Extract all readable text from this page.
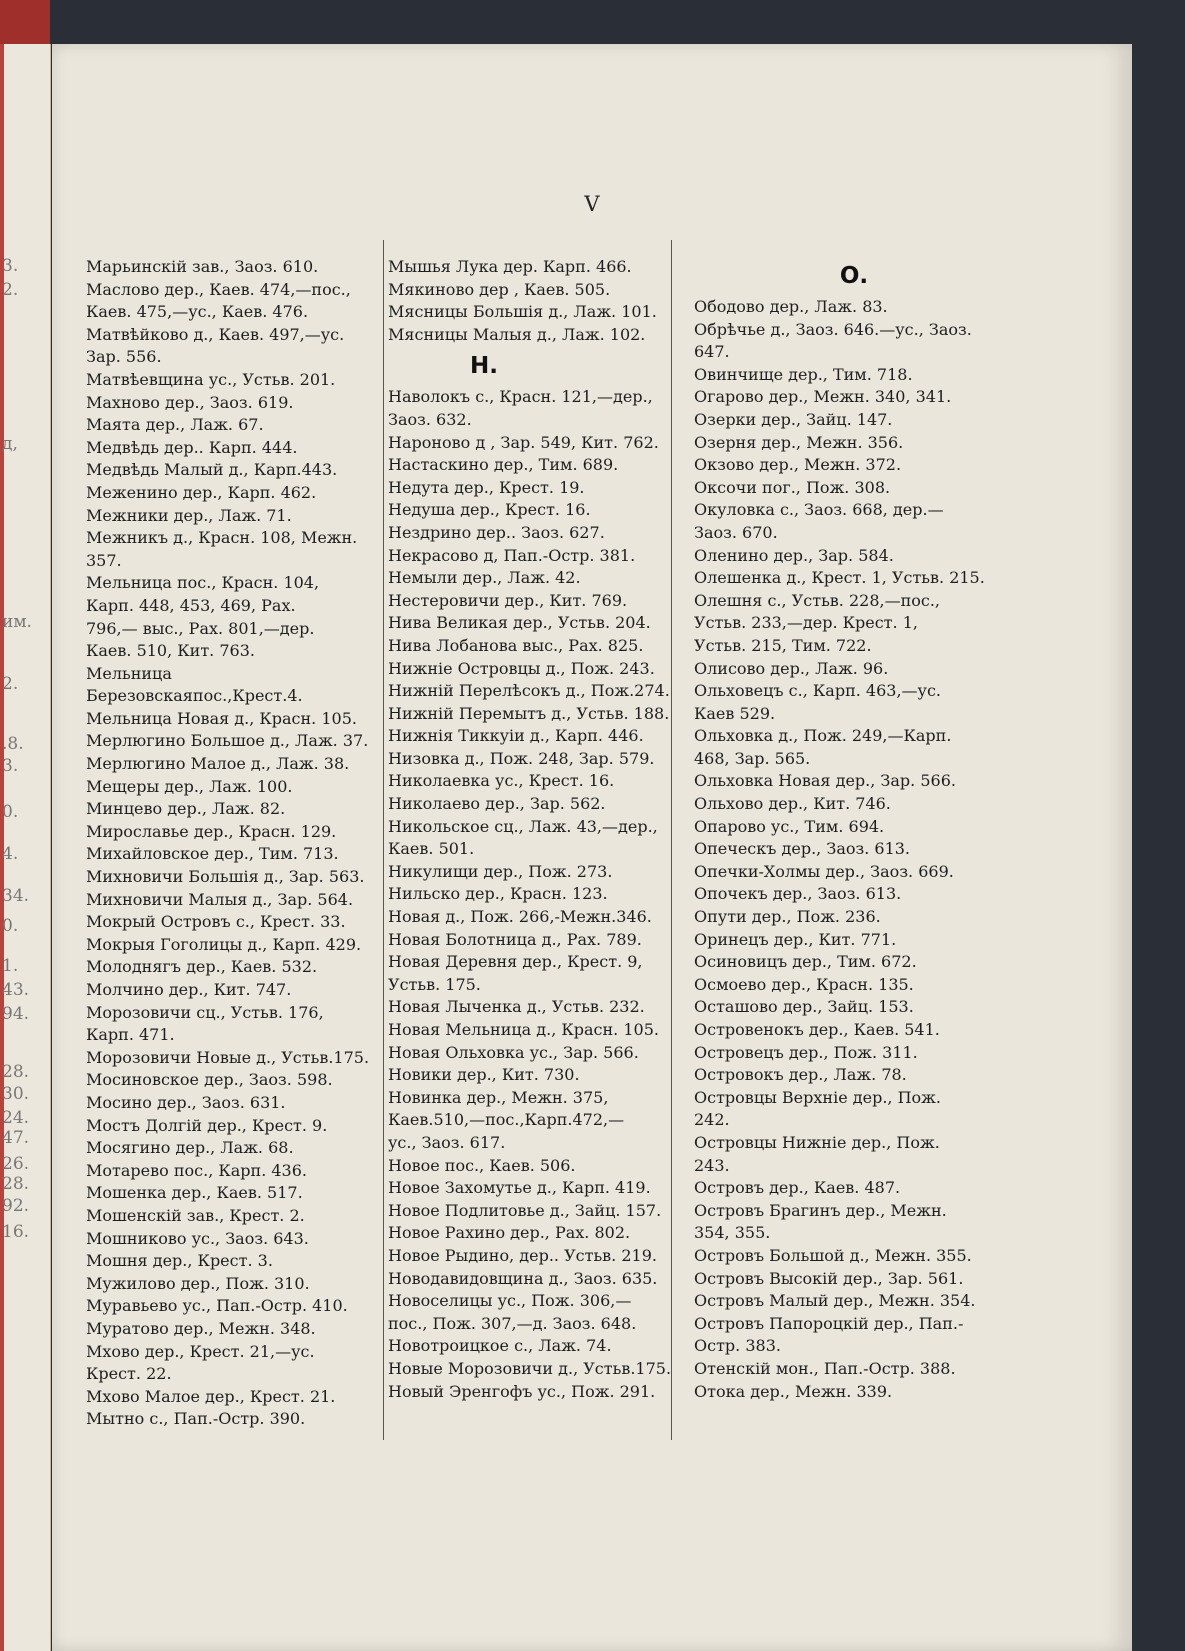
3.
2.
д,
им.
2.
.8.
3.
0.
4.
34.
0.
1.
43.
94.
28.
30.
24.
47.
26.
28.
92.
16.
V

Марьинскій зав., Заоз. 610.

Маслово дер., Каев. 474,—пос.,
Каев. 475,—ус., Каев. 476.

Матвѣйково д., Каев. 497,—ус.
Зар. 556.

Матвѣевщина ус., Устьв. 201.

Махново дер., Заоз. 619.

Маята дер., Лаж. 67.

Медвѣдь дер.. Карп. 444.

Медвѣдь Малый д., Карп.443.

Меженино дер., Карп. 462.

Межники дер., Лаж. 71.

Межникъ д., Красн. 108, Межн.
357.

Мельница пос., Красн. 104,
Карп. 448, 453, 469, Рах.
796,— выс., Рах. 801,—дер.
Каев. 510, Кит. 763.

Мельница Березовскаяпос.,Крест.4.

Мельница Новая д., Красн. 105.

Мерлюгино Большое д., Лаж. 37.

Мерлюгино Малое д., Лаж. 38.

Мещеры дер., Лаж. 100.

Минцево дер., Лаж. 82.

Мирославье дер., Красн. 129.

Михайловское дер., Тим. 713.

Михновичи Большія д., Зар. 563.

Михновичи Малыя д., Зар. 564.

Мокрый Островъ с., Крест. 33.

Мокрыя Гоголицы д., Карп. 429.

Молоднягъ дер., Каев. 532.

Молчино дер., Кит. 747.

Морозовичи сц., Устьв. 176,
Карп. 471.

Морозовичи Новые д., Устьв.175.

Мосиновское дер., Заоз. 598.

Мосино дер., Заоз. 631.

Мостъ Долгій дер., Крест. 9.

Мосягино дер., Лаж. 68.

Мотарево пос., Карп. 436.

Мошенка дер., Каев. 517.

Мошенскій зав., Крест. 2.

Мошниково ус., Заоз. 643.

Мошня дер., Крест. 3.

Мужилово дер., Пож. 310.

Муравьево ус., Пап.-Остр. 410.

Муратово дер., Межн. 348.

Мхово дер., Крест. 21,—ус.
Крест. 22.

Мхово Малое дер., Крест. 21.

Мытно с., Пап.-Остр. 390.

Мышья Лука дер. Карп. 466.

Мякиново дер , Каев. 505.

Мясницы Большія д., Лаж. 101.

Мясницы Малыя д., Лаж. 102.

Н.

Наволокъ с., Красн. 121,—дер.,
Заоз. 632.

Нароново д , Зар. 549, Кит. 762.

Настаскино дер., Тим. 689.

Недута дер., Крест. 19.

Недуша дер., Крест. 16.

Нездрино дер.. Заоз. 627.

Некрасово д, Пап.-Остр. 381.

Немыли дер., Лаж. 42.

Нестеровичи дер., Кит. 769.

Нива Великая дер., Устьв. 204.

Нива Лобанова выс., Рах. 825.

Нижніе Островцы д., Пож. 243.

Нижній Перелѣсокъ д., Пож.274.

Нижній Перемытъ д., Устьв. 188.

Нижнія Тиккуіи д., Карп. 446.

Низовка д., Пож. 248, Зар. 579.

Николаевка ус., Крест. 16.

Николаево дер., Зар. 562.

Никольское сц., Лаж. 43,—дер.,
Каев. 501.

Никулищи дер., Пож. 273.

Нильско дер., Красн. 123.

Новая д., Пож. 266,-Межн.346.

Новая Болотница д., Рах. 789.

Новая Деревня дер., Крест. 9,
Устьв. 175.

Новая Лыченка д., Устьв. 232.

Новая Мельница д., Красн. 105.

Новая Ольховка ус., Зар. 566.

Новики дер., Кит. 730.

Новинка дер., Межн. 375,
Каев.510,—пос.,Карп.472,—
ус., Заоз. 617.

Новое пос., Каев. 506.

Новое Захомутье д., Карп. 419.

Новое Подлитовье д., Зайц. 157.

Новое Рахино дер., Рах. 802.

Новое Рыдино, дер.. Устьв. 219.

Новодавидовщина д., Заоз. 635.

Новоселицы ус., Пож. 306,—
пос., Пож. 307,—д. Заоз. 648.

Новотроицкое с., Лаж. 74.

Новые Морозовичи д., Устьв.175.

Новый Эренгофъ ус., Пож. 291.

О.

Ободово дер., Лаж. 83.

Обрѣчье д., Заоз. 646.—ус., Заоз.
647.

Овинчище дер., Тим. 718.

Огарово дер., Межн. 340, 341.

Озерки дер., Зайц. 147.

Озерня дер., Межн. 356.

Окзово дер., Межн. 372.

Оксочи пог., Пож. 308.

Окуловка с., Заоз. 668, дер.—
Заоз. 670.

Оленино дер., Зар. 584.

Олешенка д., Крест. 1, Устьв. 215.

Олешня с., Устьв. 228,—пос.,
Устьв. 233,—дер. Крест. 1,
Устьв. 215, Тим. 722.

Олисово дер., Лаж. 96.

Ольховецъ с., Карп. 463,—ус.
Каев 529.

Ольховка д., Пож. 249,—Карп.
468, Зар. 565.

Ольховка Новая дер., Зар. 566.

Ольхово дер., Кит. 746.

Опарово ус., Тим. 694.

Опеческъ дер., Заоз. 613.

Опечки-Холмы дер., Заоз. 669.

Опочекъ дер., Заоз. 613.

Опути дер., Пож. 236.

Оринецъ дер., Кит. 771.

Осиновицъ дер., Тим. 672.

Осмоево дер., Красн. 135.

Осташово дер., Зайц. 153.

Островенокъ дер., Каев. 541.

Островецъ дер., Пож. 311.

Островокъ дер., Лаж. 78.

Островцы Верхніе дер., Пож.
242.

Островцы Нижніе дер., Пож.
243.

Островъ дер., Каев. 487.

Островъ Брагинъ дер., Межн.
354, 355.

Островъ Большой д., Межн. 355.

Островъ Высокій дер., Зар. 561.

Островъ Малый дер., Межн. 354.

Островъ Папороцкій дер., Пап.-
Остр. 383.

Отенскій мон., Пап.-Остр. 388.

Отока дер., Межн. 339.
